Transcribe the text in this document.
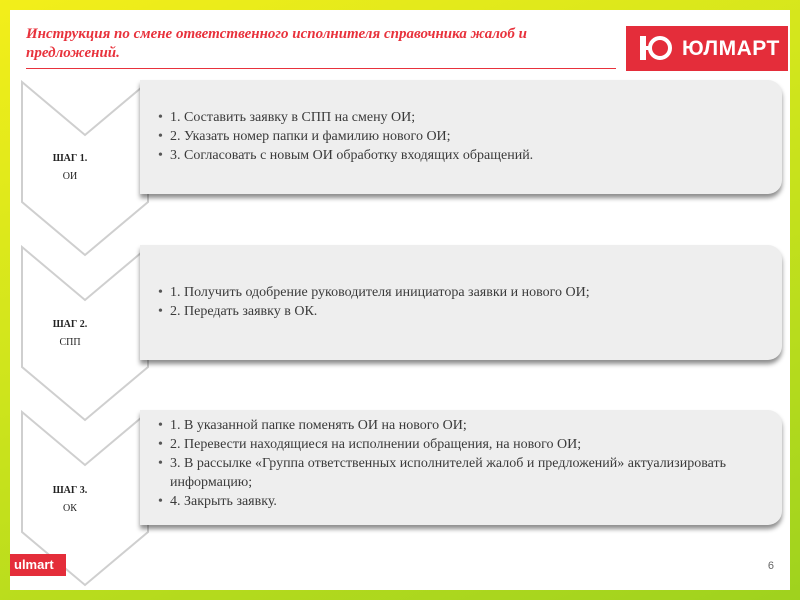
Инструкция по смене ответственного исполнителя справочника жалоб и предложений.	ЮЛМАРТ
ШАГ 1.
ОИ
• 1. Составить заявку в СПП на смену ОИ;
• 2. Указать номер папки и фамилию нового ОИ;
• 3. Согласовать с новым ОИ обработку входящих обращений.
ШАГ 2.
СПП
• 1. Получить одобрение руководителя инициатора заявки и нового ОИ;
• 2. Передать заявку в ОК.
ШАГ 3.
ОК
• 1. В указанной папке поменять ОИ на нового ОИ;
• 2. Перевести находящиеся на исполнении обращения, на нового ОИ;
• 3. В рассылке «Группа ответственных исполнителей жалоб и предложений» актуализировать информацию;
• 4. Закрыть заявку.
ulmart	6
